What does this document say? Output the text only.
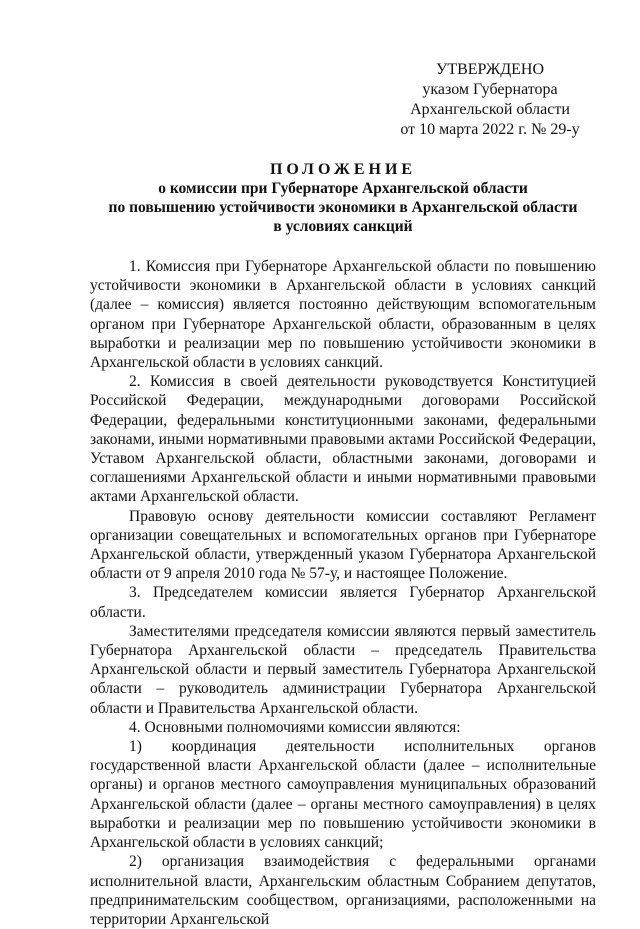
УТВЕРЖДЕНО
указом Губернатора
Архангельской области
от 10 марта 2022 г. № 29-у
ПОЛОЖЕНИЕ
о комиссии при Губернаторе Архангельской области
по повышению устойчивости экономики в Архангельской области
в условиях санкций

1. Комиссия при Губернаторе Архангельской области по повышению устойчивости экономики в Архангельской области в условиях санкций (далее – комиссия) является постоянно действующим вспомогательным органом при Губернаторе Архангельской области, образованным в целях выработки и реализации мер по повышению устойчивости экономики в Архангельской области в условиях санкций.

2. Комиссия в своей деятельности руководствуется Конституцией Российской Федерации, международными договорами Российской Федерации, федеральными конституционными законами, федеральными законами, иными нормативными правовыми актами Российской Федерации, Уставом Архангельской области, областными законами, договорами и соглашениями Архангельской области и иными нормативными правовыми актами Архангельской области.

Правовую основу деятельности комиссии составляют Регламент организации совещательных и вспомогательных органов при Губернаторе Архангельской области, утвержденный указом Губернатора Архангельской области от 9 апреля 2010 года № 57-у, и настоящее Положение.

3. Председателем комиссии является Губернатор Архангельской области.

Заместителями председателя комиссии являются первый заместитель Губернатора Архангельской области – председатель Правительства Архангельской области и первый заместитель Губернатора Архангельской области – руководитель администрации Губернатора Архангельской области и Правительства Архангельской области.

4. Основными полномочиями комиссии являются:

1) координация деятельности исполнительных органов государственной власти Архангельской области (далее – исполнительные органы) и органов местного самоуправления муниципальных образований Архангельской области (далее – органы местного самоуправления) в целях выработки и реализации мер по повышению устойчивости экономики в Архангельской области в условиях санкций;

2) организация взаимодействия с федеральными органами исполнительной власти, Архангельским областным Собранием депутатов, предпринимательским сообществом, организациями, расположенными на территории Архангельской
